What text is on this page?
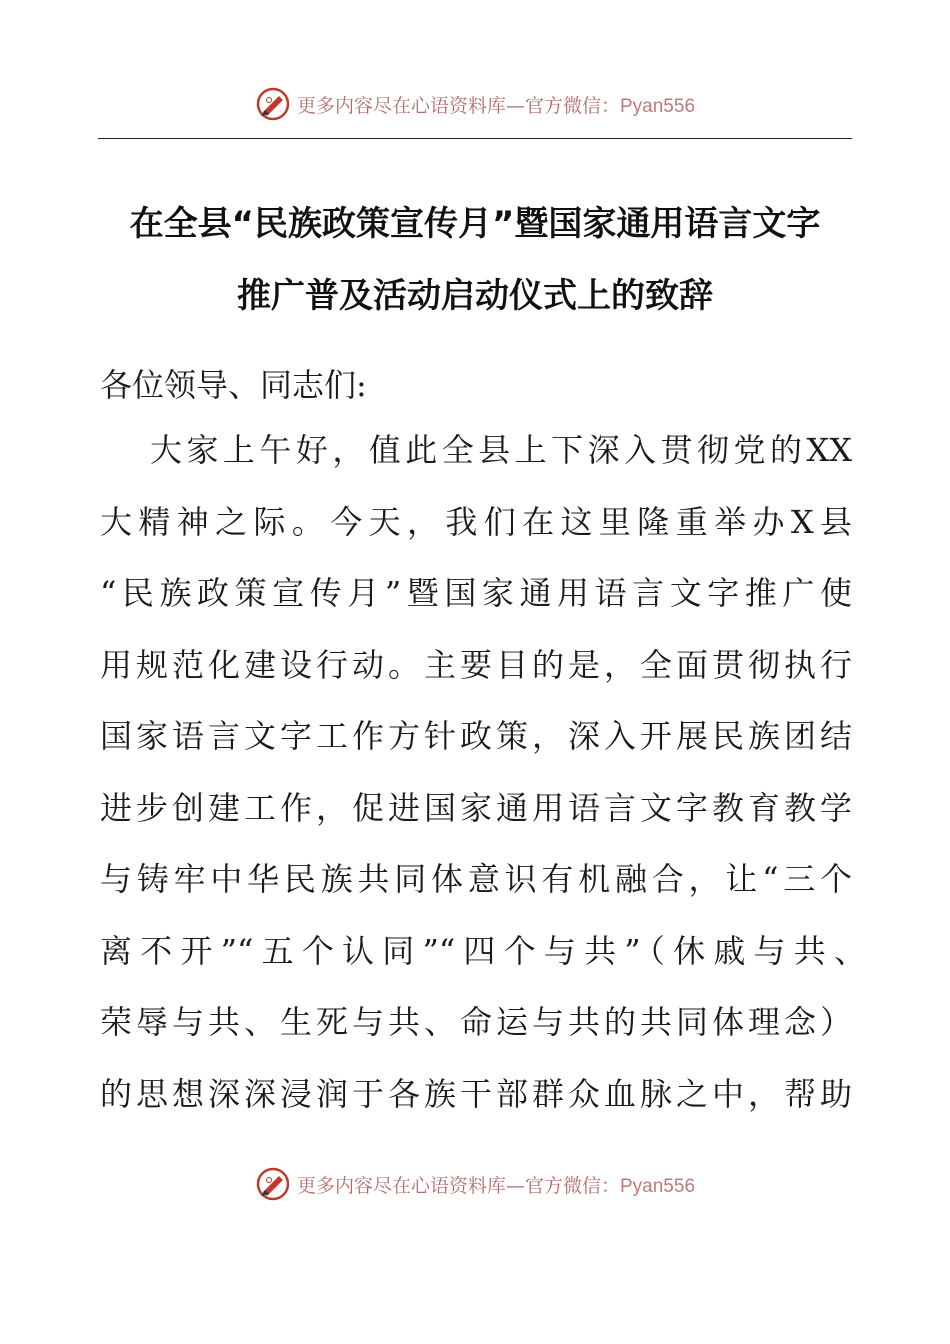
更多内容尽在心语资料库—官方微信：Pyan556
在全县“民族政策宣传月”暨国家通用语言文字
推广普及活动启动仪式上的致辞
各位领导、同志们:
大家上午好，值此全县上下深入贯彻党的XX
大精神之际。今天，我们在这里隆重举办X县
“民族政策宣传月”暨国家通用语言文字推广使
用规范化建设行动。主要目的是，全面贯彻执行
国家语言文字工作方针政策，深入开展民族团结
进步创建工作，促进国家通用语言文字教育教学
与铸牢中华民族共同体意识有机融合，让“三个
离不开”“五个认同”“四个与共”（休戚与共、
荣辱与共、生死与共、命运与共的共同体理念）
的思想深深浸润于各族干部群众血脉之中，帮助
更多内容尽在心语资料库—官方微信：Pyan556
